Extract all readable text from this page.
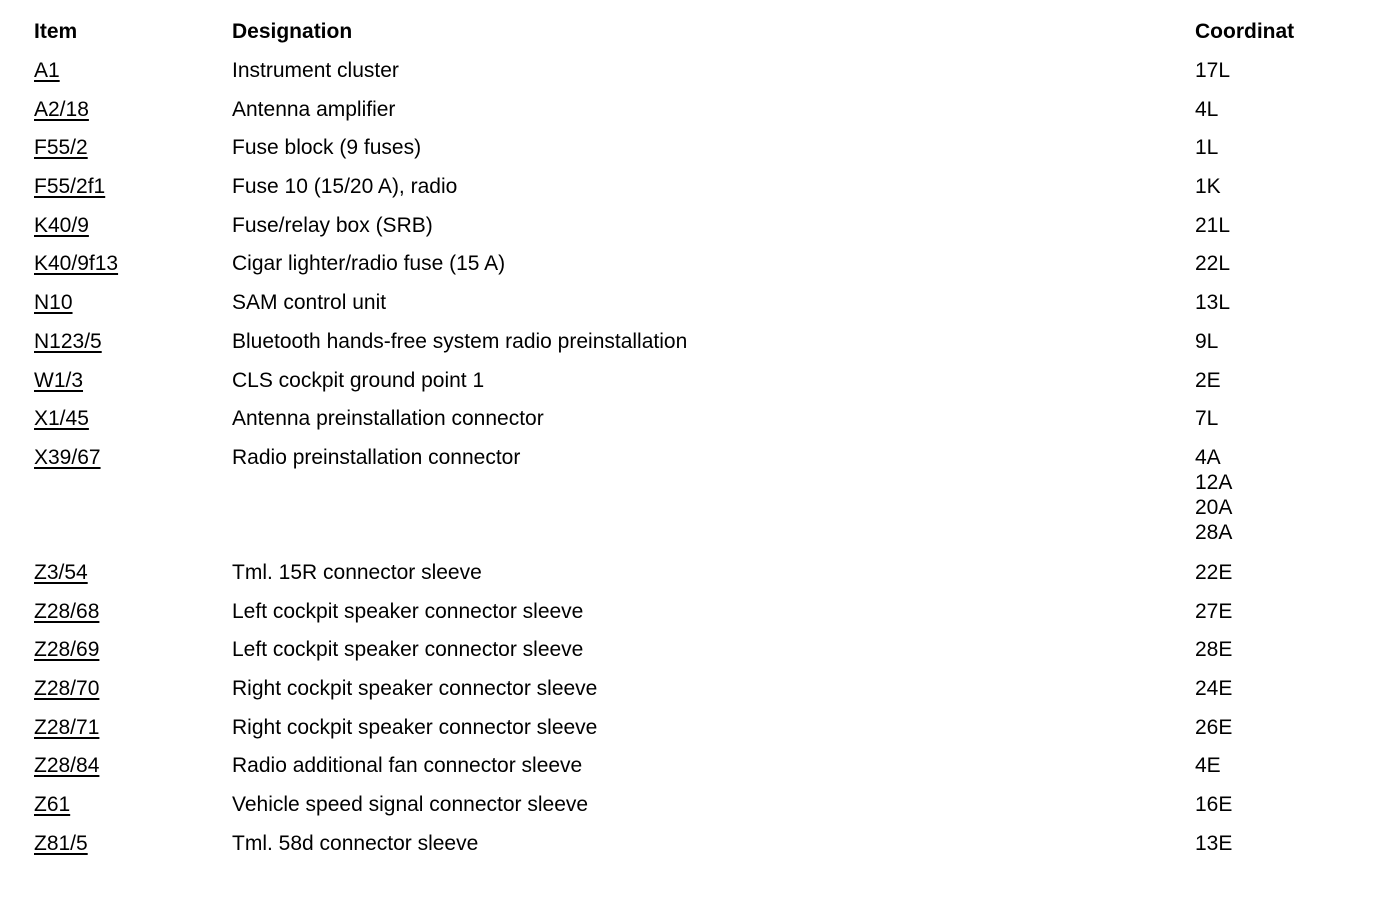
Item	Designation	Coordinat
A1	Instrument cluster	17L
A2/18	Antenna amplifier	4L
F55/2	Fuse block (9 fuses)	1L
F55/2f1	Fuse 10 (15/20 A), radio	1K
K40/9	Fuse/relay box (SRB)	21L
K40/9f13	Cigar lighter/radio fuse (15 A)	22L
N10	SAM control unit	13L
N123/5	Bluetooth hands-free system radio preinstallation	9L
W1/3	CLS cockpit ground point 1	2E
X1/45	Antenna preinstallation connector	7L
X39/67	Radio preinstallation connector	4A
12A
20A
28A
Z3/54	Tml. 15R connector sleeve	22E
Z28/68	Left cockpit speaker connector sleeve	27E
Z28/69	Left cockpit speaker connector sleeve	28E
Z28/70	Right cockpit speaker connector sleeve	24E
Z28/71	Right cockpit speaker connector sleeve	26E
Z28/84	Radio additional fan connector sleeve	4E
Z61	Vehicle speed signal connector sleeve	16E
Z81/5	Tml. 58d connector sleeve	13E
